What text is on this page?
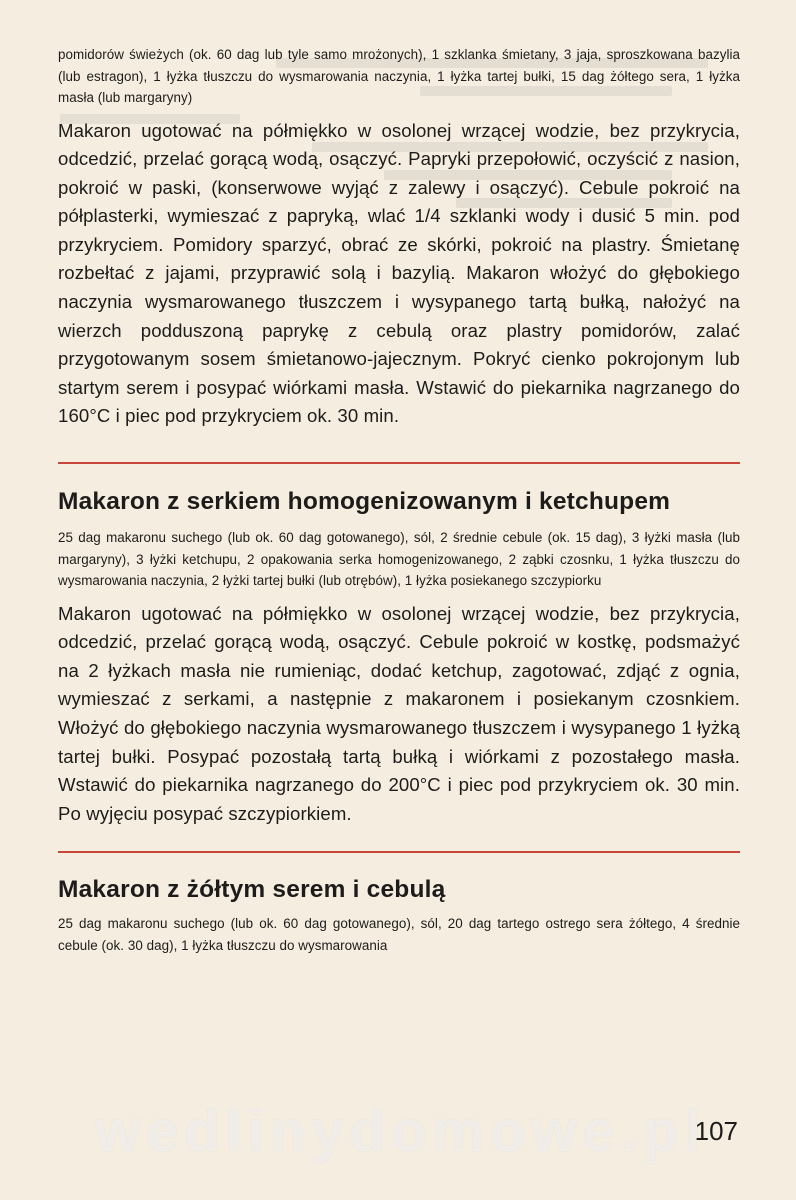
pomidorów świeżych (ok. 60 dag lub tyle samo mrożonych), 1 szklanka śmietany, 3 jaja, sproszkowana bazylia (lub estragon), 1 łyżka tłuszczu do wysmarowania naczynia, 1 łyżka tartej bułki, 15 dag żółtego sera, 1 łyżka masła (lub margaryny)

Makaron ugotować na półmiękko w osolonej wrzącej wodzie, bez przykrycia, odcedzić, przelać gorącą wodą, osączyć. Papryki przepołowić, oczyścić z nasion, pokroić w paski, (konserwowe wyjąć z zalewy i osączyć). Cebule pokroić na półplasterki, wymieszać z papryką, wlać 1/4 szklanki wody i dusić 5 min. pod przykryciem. Pomidory sparzyć, obrać ze skórki, pokroić na plastry. Śmietanę rozbełtać z jajami, przyprawić solą i bazylią. Makaron włożyć do głębokiego naczynia wysmarowanego tłuszczem i wysypanego tartą bułką, nałożyć na wierzch podduszoną paprykę z cebulą oraz plastry pomidorów, zalać przygotowanym sosem śmietanowo-jajecznym. Pokryć cienko pokrojonym lub startym serem i posypać wiórkami masła. Wstawić do piekarnika nagrzanego do 160°C i piec pod przykryciem ok. 30 min.

Makaron z serkiem homogenizowanym i ketchupem

25 dag makaronu suchego (lub ok. 60 dag gotowanego), sól, 2 średnie cebule (ok. 15 dag), 3 łyżki masła (lub margaryny), 3 łyżki ketchupu, 2 opakowania serka homogenizowanego, 2 ząbki czosnku, 1 łyżka tłuszczu do wysmarowania naczynia, 2 łyżki tartej bułki (lub otrębów), 1 łyżka posiekanego szczypiorku

Makaron ugotować na półmiękko w osolonej wrzącej wodzie, bez przykrycia, odcedzić, przelać gorącą wodą, osączyć. Cebule pokroić w kostkę, podsmażyć na 2 łyżkach masła nie rumieniąc, dodać ketchup, zagotować, zdjąć z ognia, wymieszać z serkami, a następnie z makaronem i posiekanym czosnkiem. Włożyć do głębokiego naczynia wysmarowanego tłuszczem i wysypanego 1 łyżką tartej bułki. Posypać pozostałą tartą bułką i wiórkami z pozostałego masła. Wstawić do piekarnika nagrzanego do 200°C i piec pod przykryciem ok. 30 min. Po wyjęciu posypać szczypiorkiem.

Makaron z żółtym serem i cebulą

25 dag makaronu suchego (lub ok. 60 dag gotowanego), sól, 20 dag tartego ostrego sera żółtego, 4 średnie cebule (ok. 30 dag), 1 łyżka tłuszczu do wysmarowania

wedlinydomowe.pl
107
